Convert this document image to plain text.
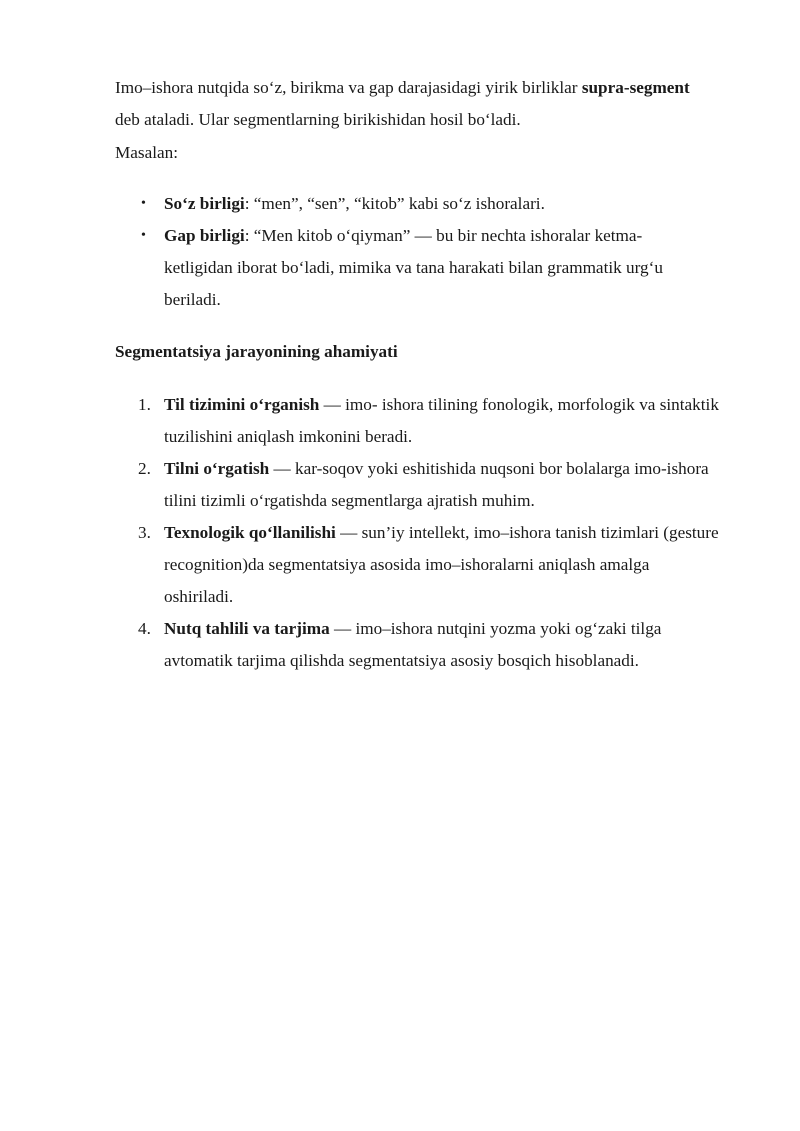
Imo–ishora nutqida so‘z, birikma va gap darajasidagi yirik birliklar supra-segment deb ataladi. Ular segmentlarning birikishidan hosil bo‘ladi.

Masalan:

• So‘z birligi: “men”, “sen”, “kitob” kabi so‘z ishoralari.
• Gap birligi: “Men kitob o‘qiyman” — bu bir nechta ishoralar ketma-ketligidan iborat bo‘ladi, mimika va tana harakati bilan grammatik urg‘u beriladi.
Segmentatsiya jarayonining ahamiyati
1. Til tizimini o‘rganish — imo- ishora tilining fonologik, morfologik va sintaktik tuzilishini aniqlash imkonini beradi.
2. Tilni o‘rgatish — kar-soqov yoki eshitishida nuqsoni bor bolalarga imo-ishora tilini tizimli o‘rgatishda segmentlarga ajratish muhim.
3. Texnologik qo‘llanilishi — sun’iy intellekt, imo–ishora tanish tizimlari (gesture recognition)da segmentatsiya asosida imo–ishoralarni aniqlash amalga oshiriladi.
4. Nutq tahlili va tarjima — imo–ishora nutqini yozma yoki og‘zaki tilga avtomatik tarjima qilishda segmentatsiya asosiy bosqich hisoblanadi.
